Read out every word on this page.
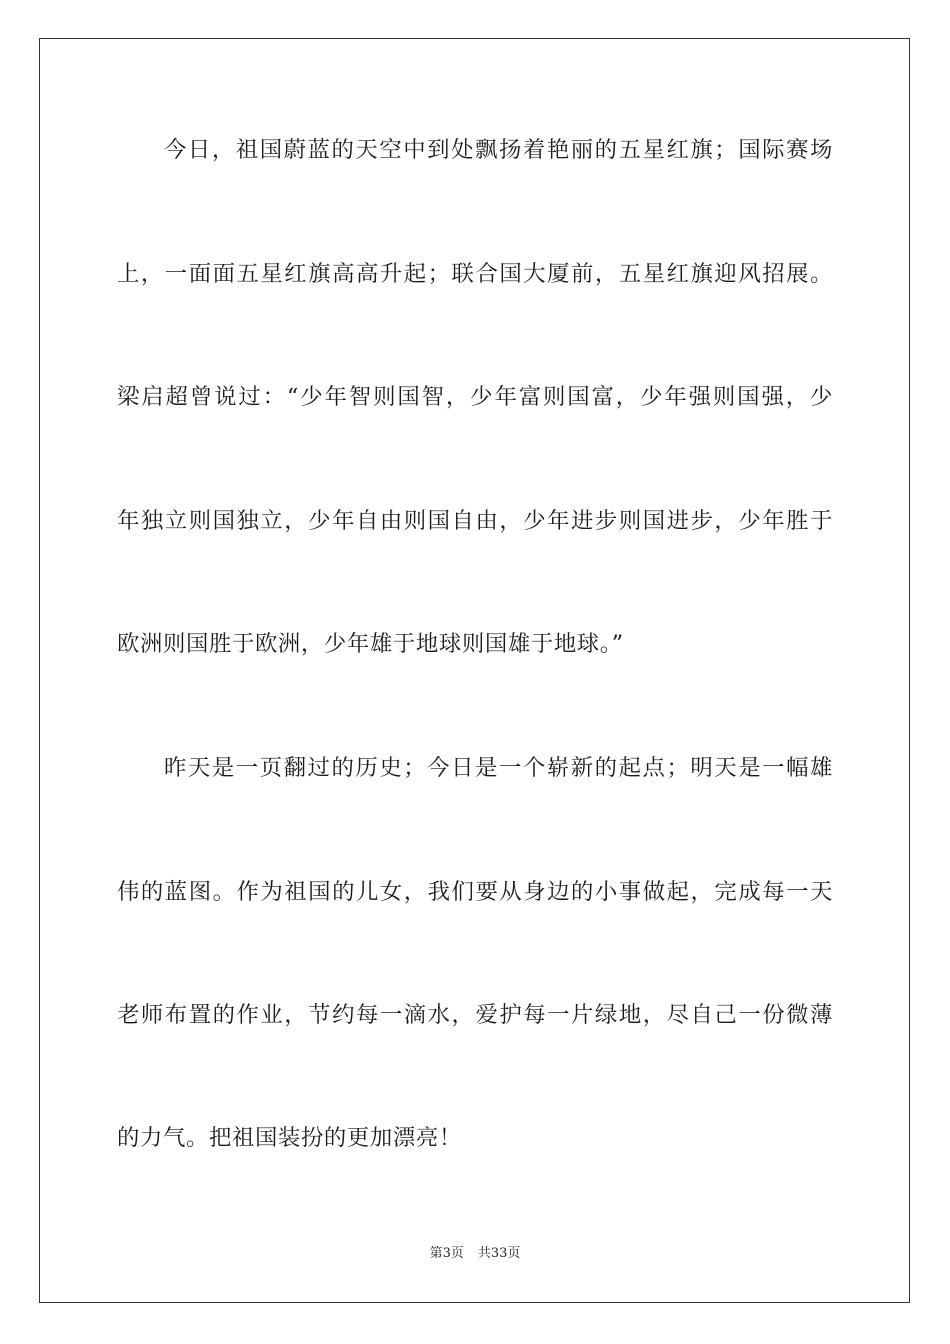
今日，祖国蔚蓝的天空中到处飘扬着艳丽的五星红旗；国际赛场

上，一面面五星红旗高高升起；联合国大厦前，五星红旗迎风招展。

梁启超曾说过：“少年智则国智，少年富则国富，少年强则国强，少

年独立则国独立，少年自由则国自由，少年进步则国进步，少年胜于

欧洲则国胜于欧洲，少年雄于地球则国雄于地球。”

昨天是一页翻过的历史；今日是一个崭新的起点；明天是一幅雄

伟的蓝图。作为祖国的儿女，我们要从身边的小事做起，完成每一天

老师布置的作业，节约每一滴水，爱护每一片绿地，尽自己一份微薄

的力气。把祖国装扮的更加漂亮！

第3页 共33页
